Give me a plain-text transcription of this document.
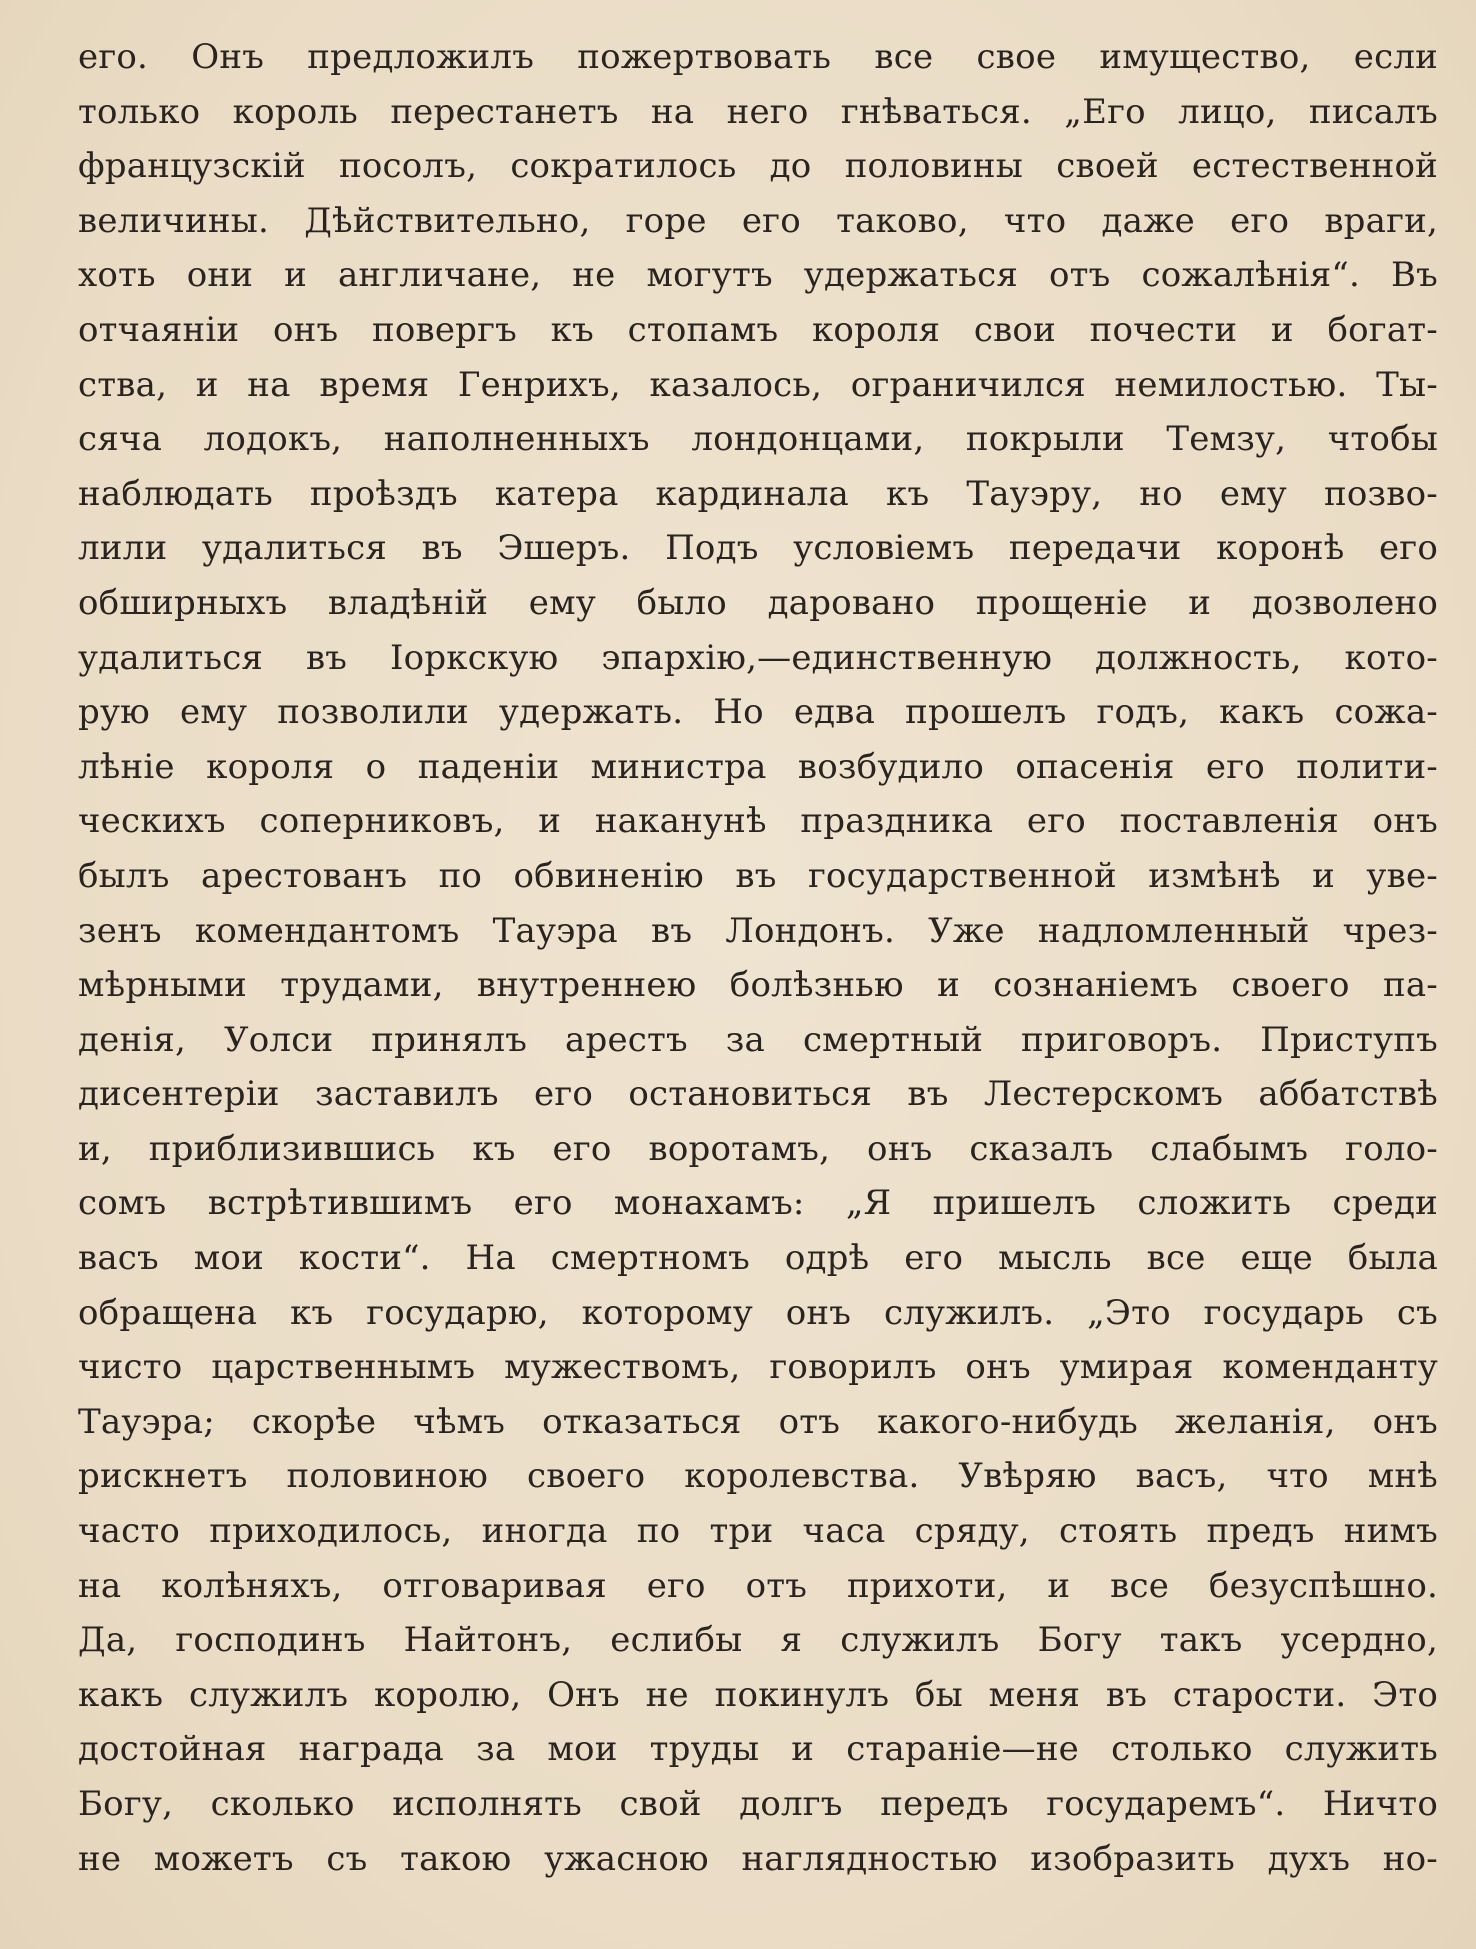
его. Онъ предложилъ пожертвовать все свое имущество, если
только король перестанетъ на него гнѣваться. „Его лицо, писалъ
французскій посолъ, сократилось до половины своей естественной
величины. Дѣйствительно, горе его таково, что даже его враги,
хоть они и англичане, не могутъ удержаться отъ сожалѣнія“. Въ
отчаяніи онъ повергъ къ стопамъ короля свои почести и богат-
ства, и на время Генрихъ, казалось, ограничился немилостью. Ты-
сяча лодокъ, наполненныхъ лондонцами, покрыли Темзу, чтобы
наблюдать проѣздъ катера кардинала къ Тауэру, но ему позво-
лили удалиться въ Эшеръ. Подъ условіемъ передачи коронѣ его
обширныхъ владѣній ему было даровано прощеніе и дозволено
удалиться въ Іоркскую эпархію,—единственную должность, кото-
рую ему позволили удержать. Но едва прошелъ годъ, какъ сожа-
лѣніе короля о паденіи министра возбудило опасенія его полити-
ческихъ соперниковъ, и наканунѣ праздника его поставленія онъ
былъ арестованъ по обвиненію въ государственной измѣнѣ и уве-
зенъ комендантомъ Тауэра въ Лондонъ. Уже надломленный чрез-
мѣрными трудами, внутреннею болѣзнью и сознаніемъ своего па-
денія, Уолси принялъ арестъ за смертный приговоръ. Приступъ
дисентеріи заставилъ его остановиться въ Лестерскомъ аббатствѣ
и, приблизившись къ его воротамъ, онъ сказалъ слабымъ голо-
сомъ встрѣтившимъ его монахамъ: „Я пришелъ сложить среди
васъ мои кости“. На смертномъ одрѣ его мысль все еще была
обращена къ государю, которому онъ служилъ. „Это государь съ
чисто царственнымъ мужествомъ, говорилъ онъ умирая коменданту
Тауэра; скорѣе чѣмъ отказаться отъ какого-нибудь желанія, онъ
рискнетъ половиною своего королевства. Увѣряю васъ, что мнѣ
часто приходилось, иногда по три часа сряду, стоять предъ нимъ
на колѣняхъ, отговаривая его отъ прихоти, и все безуспѣшно.
Да, господинъ Найтонъ, еслибы я служилъ Богу такъ усердно,
какъ служилъ королю, Онъ не покинулъ бы меня въ старости. Это
достойная награда за мои труды и стараніе—не столько служить
Богу, сколько исполнять свой долгъ передъ государемъ“. Ничто
не можетъ съ такою ужасною наглядностью изобразить духъ но-
